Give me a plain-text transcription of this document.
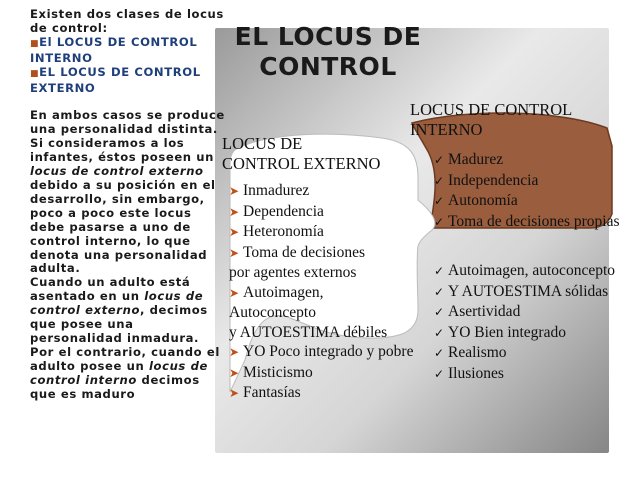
Existen dos clases de locus de control:

■El LOCUS DE CONTROL INTERNO

■EL LOCUS DE CONTROL EXTERNO

En ambos casos se produce una personalidad distinta.

Si consideramos a los infantes, éstos poseen un locus de control externo debido a su posición en el desarrollo, sin embargo, poco a poco este locus debe pasarse a uno de control interno, lo que denota una personalidad adulta.

Cuando un adulto está asentado en un locus de control externo, decimos que posee una personalidad inmadura.

Por el contrario, cuando el adulto posee un locus de control interno decimos que es maduro

EL LOCUS DE
CONTROL
LOCUS DE CONTROL
INTERNO
LOCUS DE
CONTROL EXTERNO
➤ Inmadurez
➤ Dependencia
➤ Heteronomía
➤ Toma de decisiones
por agentes externos
➤ Autoimagen,
Autoconcepto
y AUTOESTIMA débiles
➤ YO Poco integrado y pobre
➤ Misticismo
➤ Fantasías
✓ Madurez
✓ Independencia
✓ Autonomía
✓ Toma de decisiones propias
✓ Autoimagen, autoconcepto
✓ Y AUTOESTIMA sólidas
✓ Asertividad
✓ YO Bien integrado
✓ Realismo
✓ Ilusiones
